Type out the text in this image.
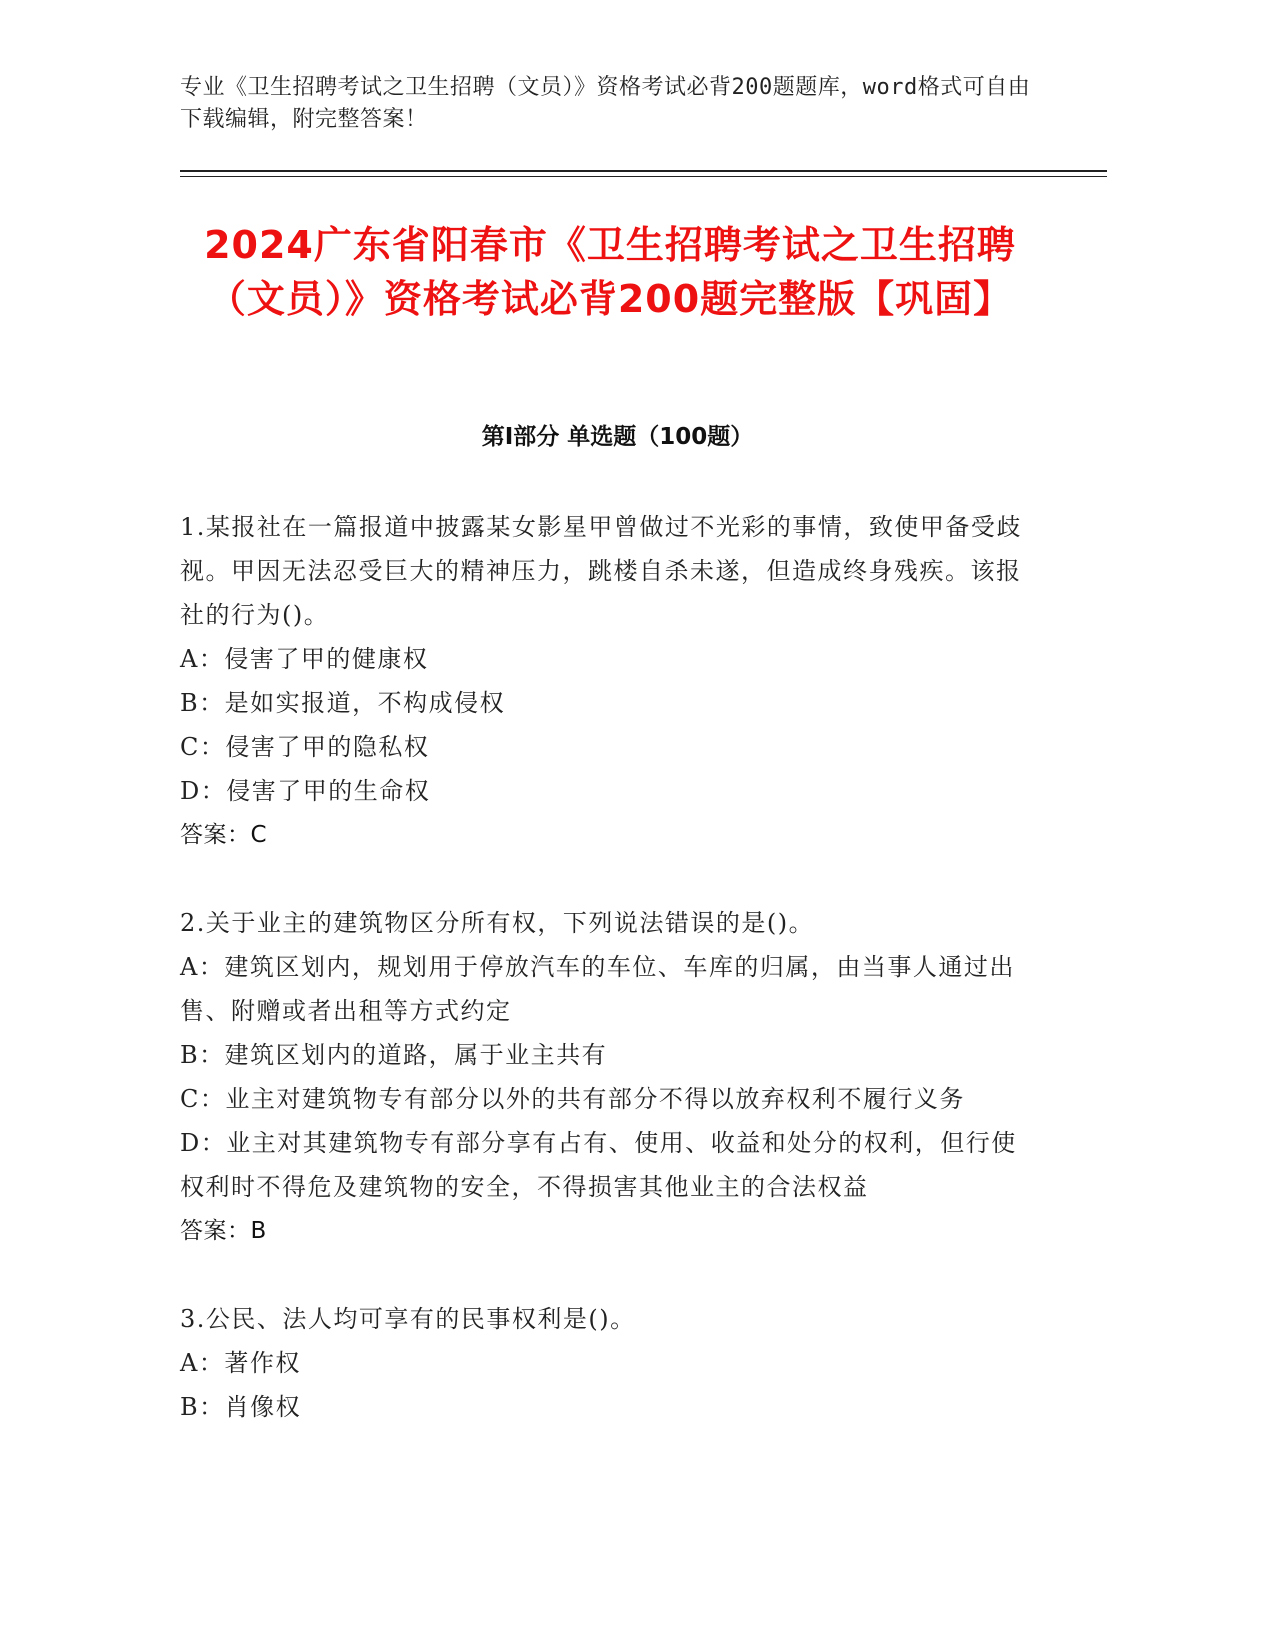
专业《卫生招聘考试之卫生招聘（文员）》资格考试必背200题题库，word格式可自由下载编辑，附完整答案！
2024广东省阳春市《卫生招聘考试之卫生招聘（文员）》资格考试必背200题完整版【巩固】
第Ⅰ部分 单选题（100题）

1.某报社在一篇报道中披露某女影星甲曾做过不光彩的事情，致使甲备受歧视。甲因无法忍受巨大的精神压力，跳楼自杀未遂，但造成终身残疾。该报社的行为()。

A：侵害了甲的健康权

B：是如实报道，不构成侵权

C：侵害了甲的隐私权

D：侵害了甲的生命权

答案：C

2.关于业主的建筑物区分所有权，下列说法错误的是()。

A：建筑区划内，规划用于停放汽车的车位、车库的归属，由当事人通过出售、附赠或者出租等方式约定

B：建筑区划内的道路，属于业主共有

C：业主对建筑物专有部分以外的共有部分不得以放弃权利不履行义务

D：业主对其建筑物专有部分享有占有、使用、收益和处分的权利，但行使权利时不得危及建筑物的安全，不得损害其他业主的合法权益

答案：B

3.公民、法人均可享有的民事权利是()。

A：著作权

B：肖像权
